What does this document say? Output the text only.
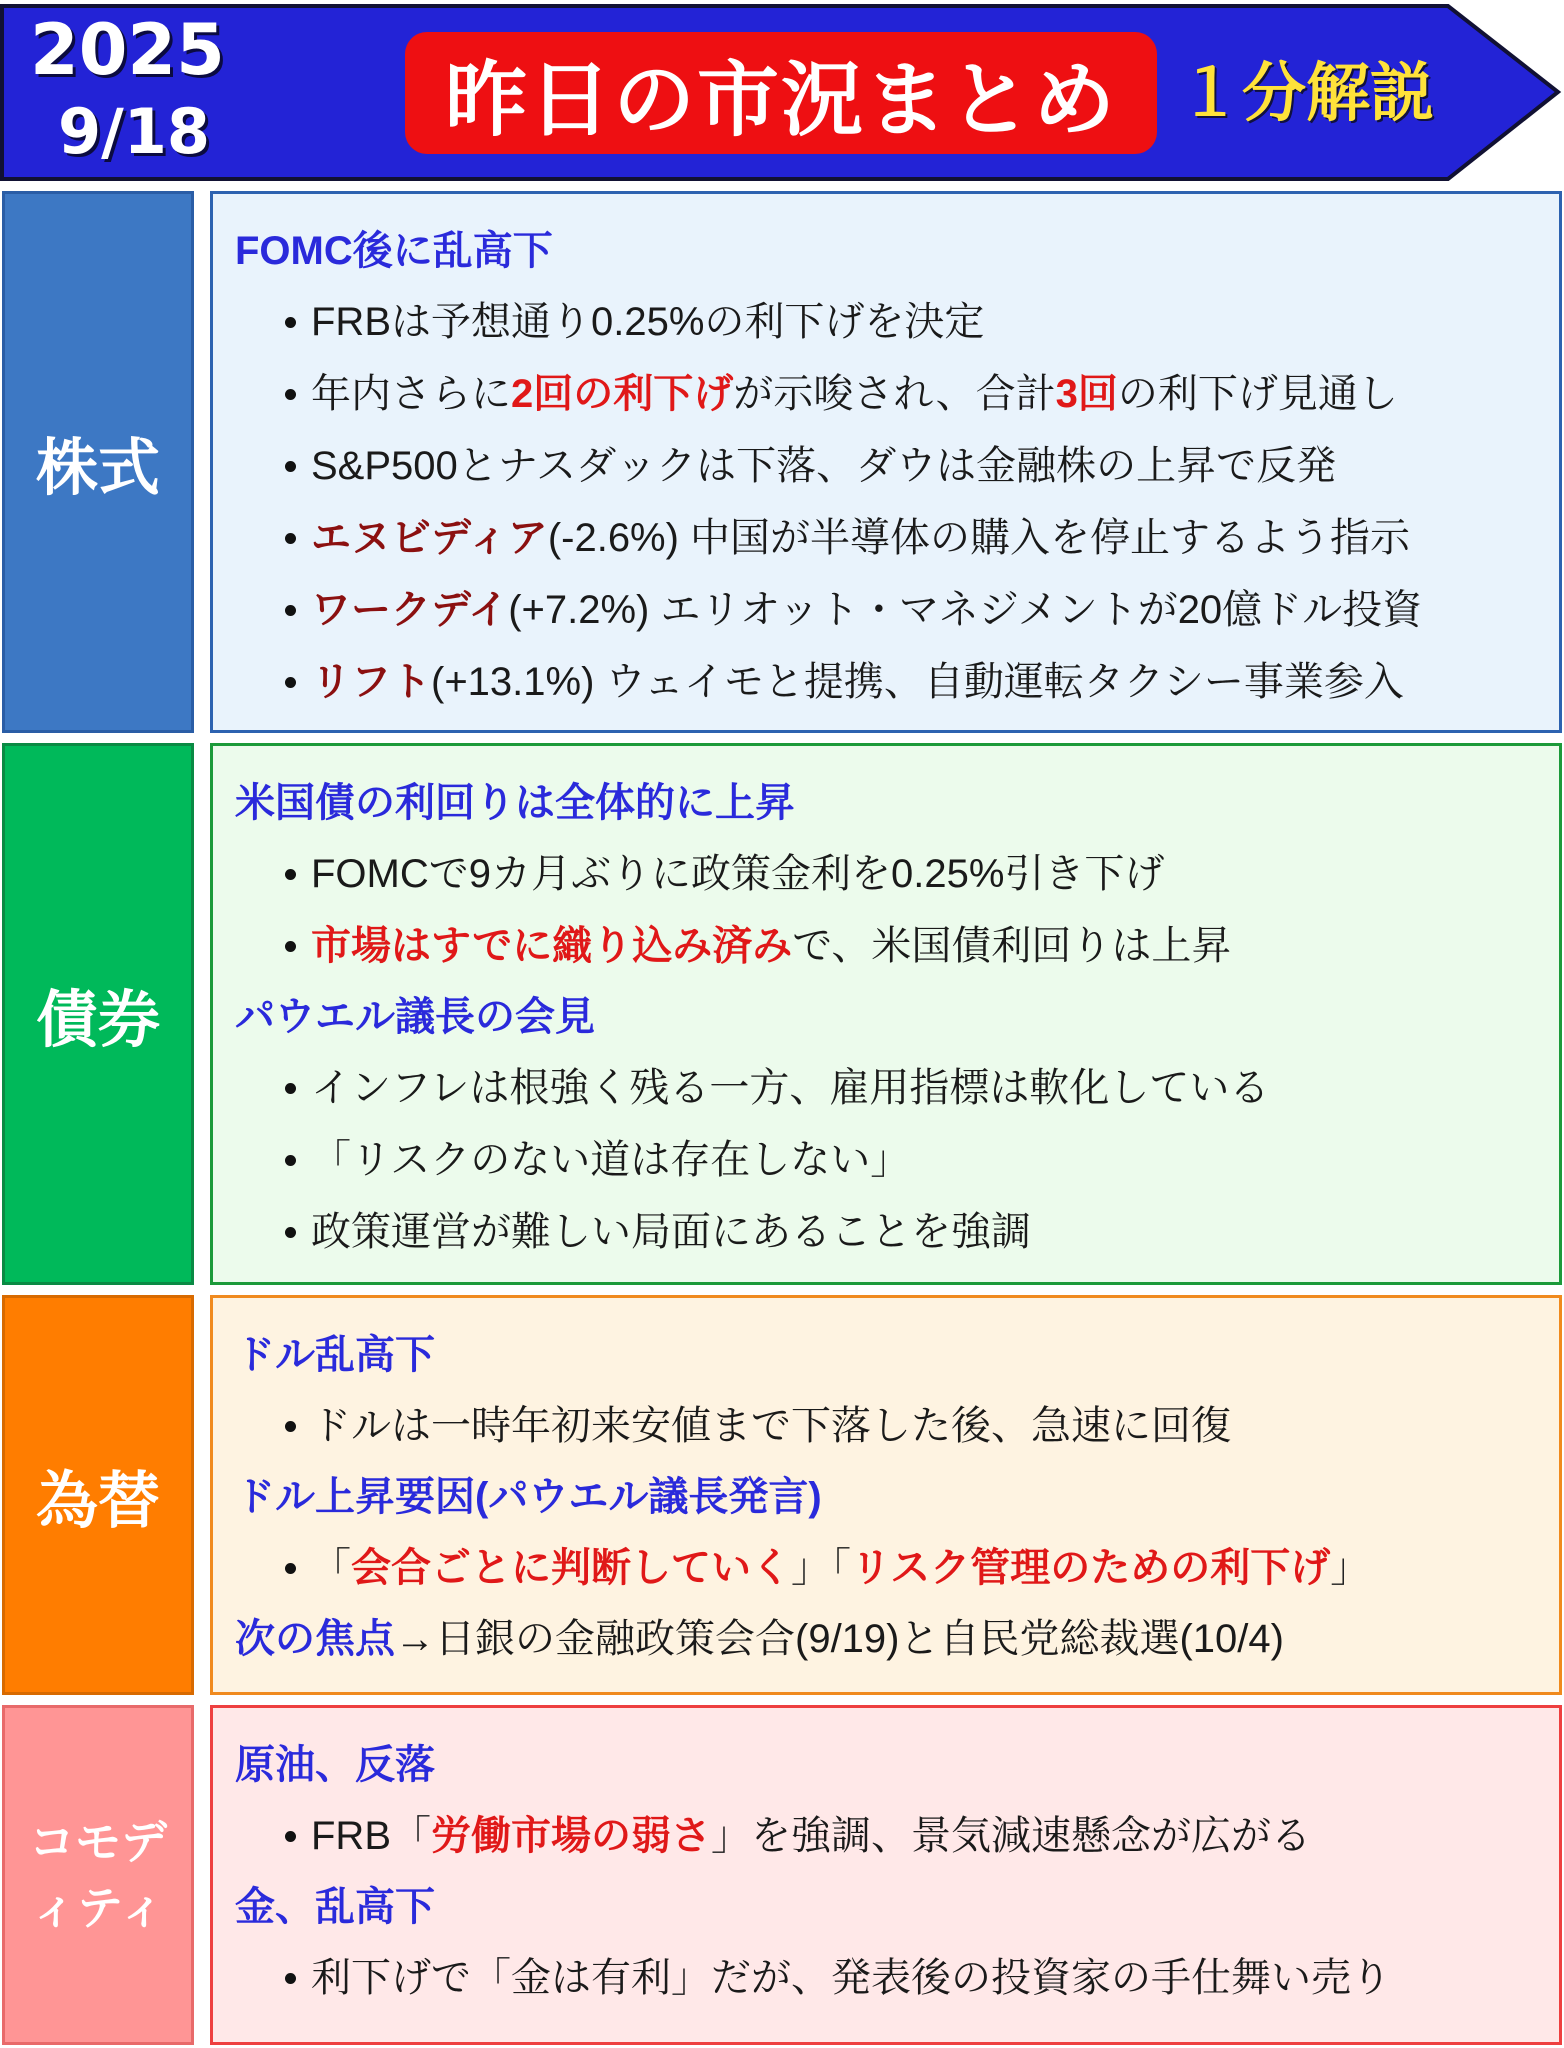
2025
9/18	昨日の市況まとめ １分解説
株式
FOMC後に乱高下
FRBは予想通り0.25%の利下げを決定
年内さらに2回の利下げが示唆され、合計3回の利下げ見通し
S&P500とナスダックは下落、ダウは金融株の上昇で反発
エヌビディア(-2.6%) 中国が半導体の購入を停止するよう指示
ワークデイ(+7.2%) エリオット・マネジメントが20億ドル投資
リフト(+13.1%) ウェイモと提携、自動運転タクシー事業参入
債券
米国債の利回りは全体的に上昇
FOMCで9カ月ぶりに政策金利を0.25%引き下げ
市場はすでに織り込み済みで、米国債利回りは上昇
パウエル議長の会見
インフレは根強く残る一方、雇用指標は軟化している
「リスクのない道は存在しない」
政策運営が難しい局面にあることを強調
為替
ドル乱高下
ドルは一時年初来安値まで下落した後、急速に回復
ドル上昇要因(パウエル議長発言)
「会合ごとに判断していく」「リスク管理のための利下げ」
次の焦点→日銀の金融政策会合(9/19)と自民党総裁選(10/4)
コモディティ
原油、反落
FRB「労働市場の弱さ」を強調、景気減速懸念が広がる
金、乱高下
利下げで「金は有利」だが、発表後の投資家の手仕舞い売り
